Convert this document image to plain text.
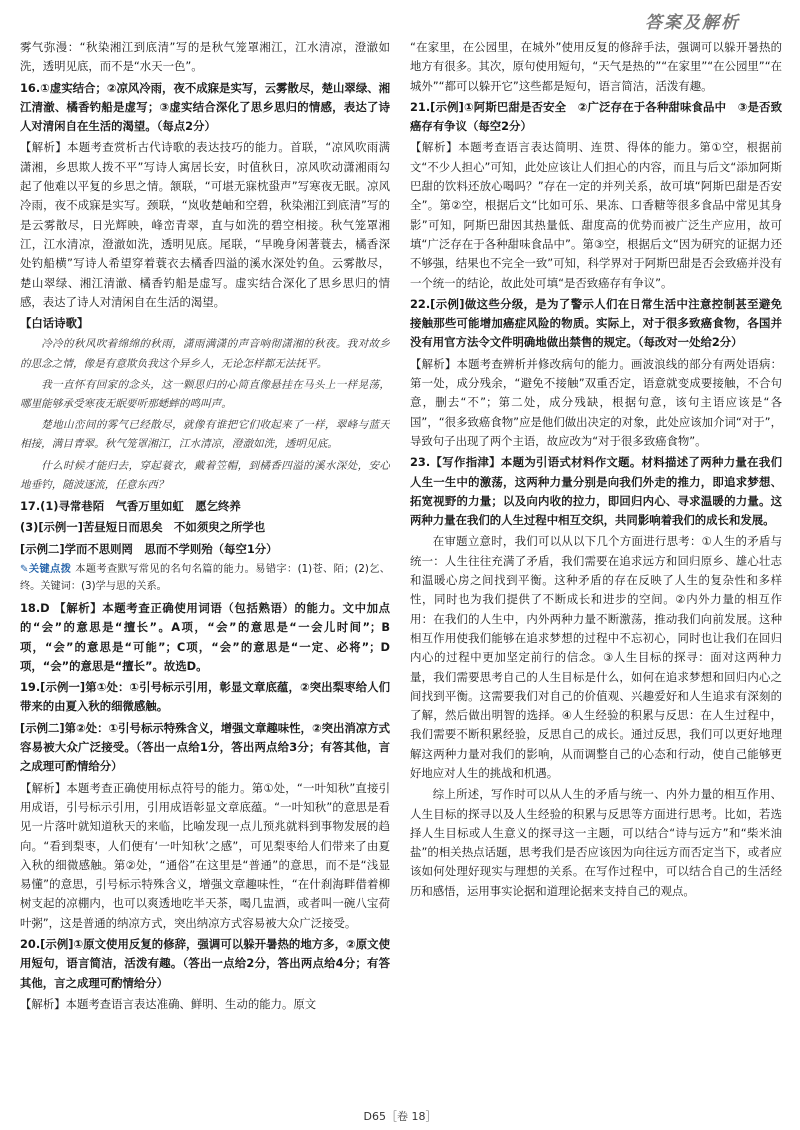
答案及解析
雾气弥漫：“秋染湘江到底清”写的是秋气笼罩湘江，江水清凉，澄澈如洗，透明见底，而不是“水天一色”。
16.①虚实结合；②凉风冷雨，夜不成寐是实写，云雾散尽，楚山翠绿、湘江清澈、橘香钓船是虚写；③虚实结合深化了思乡思归的情感，表达了诗人对清闲自在生活的渴望。（每点2分）
【解析】本题考查赏析古代诗歌的表达技巧的能力。首联，“凉风吹雨满潇湘，乡思欺人拨不平”写诗人寓居长安，时值秋日，凉风吹动潇湘雨勾起了他难以平复的乡思之情。颔联，“可堪无寐枕蛩声”写寒夜无眠。凉风冷雨，夜不成寐是实写。颈联，“岚收楚岫和空碧，秋染湘江到底清”写的是云雾散尽，日光辉映，峰峦青翠，直与如洗的碧空相接。秋气笼罩湘江，江水清凉，澄澈如洗，透明见底。尾联，“早晚身闲著蓑去，橘香深处钓船横”写诗人希望穿着蓑衣去橘香四溢的溪水深处钓鱼。云雾散尽，楚山翠绿、湘江清澈、橘香钓船是虚写。虚实结合深化了思乡思归的情感，表达了诗人对清闲自在生活的渴望。
【白话诗歌】
冷冷的秋风吹着绵绵的秋雨，潇雨满潇的声音响彻潇湘的秋夜。我对故乡的思念之情，像是有意欺负我这个异乡人，无论怎样都无法抚平。
我一直怀有回家的念头，这一颗思归的心简直像悬挂在马头上一样晃荡，哪里能够承受寒夜无眠要听那蟋蟀的鸣叫声。
楚地山峦间的雾气已经散尽，就像有谁把它们收起来了一样，翠峰与蓝天相接，满目青翠。秋气笼罩湘江，江水清凉，澄澈如洗，透明见底。
什么时候才能归去，穿起蓑衣，戴着笠帽，到橘香四溢的溪水深处，安心地垂钓，随波逐流，任意东西？
17.(1)寻常巷陌　气香万里如虹　愿乞终养
(3)[示例一]苦昼短日而思矣　不如须臾之所学也
[示例二]学而不思则罔　思而不学则殆（每空1分）
✎关键点拨 本题考查默写常见的名句名篇的能力。易错字：(1)苍、陌；(2)乞、终。关键词：(3)学与思的关系。
18.D 【解析】本题考查正确使用词语（包括熟语）的能力。文中加点的“会”的意思是“擅长”。A项，“会”的意思是“一会儿时间”；B项，“会”的意思是“可能”；C项，“会”的意思是“一定、必将”；D项，“会”的意思是“擅长”。故选D。
19.[示例一]第①处：①引号标示引用，彰显文章底蕴，②突出梨枣给人们带来的由夏入秋的细微感触。
[示例二]第②处：①引号标示特殊含义，增强文章趣味性，②突出消凉方式容易被大众广泛接受。（答出一点给1分，答出两点给3分；有答其他，言之成理可酌情给分）
【解析】本题考查正确使用标点符号的能力。第①处，“一叶知秋”直接引用成语，引号标示引用，引用成语彰显文章底蕴。“一叶知秋”的意思是看见一片落叶就知道秋天的来临，比喻发现一点儿预兆就料到事物发展的趋向。“看到梨枣，人们便有‘一叶知秋’之感”，可见梨枣给人们带来了由夏入秋的细微感触。第②处，“通俗”在这里是“普通”的意思，而不是“浅显易懂”的意思，引号标示特殊含义，增强文章趣味性，“在什刹海畔借着柳树支起的凉棚内，也可以爽透地吃半天茶，喝几盅酒，或者叫一碗八宝荷叶粥”，这是普通的纳凉方式，突出纳凉方式容易被大众广泛接受。
20.[示例]①原文使用反复的修辞，强调可以躲开暑热的地方多，②原文使用短句，语言简洁，活泼有趣。（答出一点给2分，答出两点给4分；有答其他，言之成理可酌情给分）
【解析】本题考查语言表达准确、鲜明、生动的能力。原文
“在家里，在公园里，在城外”使用反复的修辞手法，强调可以躲开暑热的地方有很多。其次，原句使用短句，“天气是热的”“在家里”“在公园里”“在城外”“都可以躲开它”这些都是短句，语言简洁，活泼有趣。
21.[示例]①阿斯巴甜是否安全　②广泛存在于各种甜味食品中　③是否致癌存有争议（每空2分）
【解析】本题考查语言表达简明、连贯、得体的能力。第①空，根据前文“不少人担心”可知，此处应该让人们担心的内容，而且与后文“添加阿斯巴甜的饮料还放心喝吗？”存在一定的并列关系，故可填“阿斯巴甜是否安全”。第②空，根据后文“比如可乐、果冻、口香糖等很多食品中常见其身影”可知，阿斯巴甜因其热量低、甜度高的优势而被广泛生产应用，故可填“广泛存在于各种甜味食品中”。第③空，根据后文“因为研究的证据力还不够强，结果也不完全一致”可知，科学界对于阿斯巴甜是否会致癌并没有一个统一的结论，故此处可填“是否致癌存有争议”。
22.[示例]做这些分级，是为了警示人们在日常生活中注意控制甚至避免接触那些可能增加癌症风险的物质。实际上，对于很多致癌食物，各国并没有用官方法令文件明确地做出禁售的规定。（每改对一处给2分）
【解析】本题考查辨析并修改病句的能力。画波浪线的部分有两处语病：第一处，成分残余，“避免不接触”双重否定，语意就变成要接触，不合句意，删去“不”；第二处，成分残缺，根据句意，该句主语应该是“各国”，“很多致癌食物”应是他们做出决定的对象，此处应该加介词“对于”，导致句子出现了两个主语，故应改为“对于很多致癌食物”。
23.【写作指津】本题为引语式材料作文题。材料描述了两种力量在我们人生一生中的激荡，这两种力量分别是向我们外走的推力，即追求梦想、拓宽视野的力量；以及向内收的拉力，即回归内心、寻求温暖的力量。这两种力量在我们的人生过程中相互交织，共同影响着我们的成长和发展。
在审题立意时，我们可以从以下几个方面进行思考：①人生的矛盾与统一：人生往往充满了矛盾，我们需要在追求远方和回归原乡、雄心壮志和温暖心房之间找到平衡。这种矛盾的存在反映了人生的复杂性和多样性，同时也为我们提供了不断成长和进步的空间。②内外力量的相互作用：在我们的人生中，内外两种力量不断激荡，推动我们向前发展。这种相互作用使我们能够在追求梦想的过程中不忘初心，同时也让我们在回归内心的过程中更加坚定前行的信念。③人生目标的探寻：面对这两种力量，我们需要思考自己的人生目标是什么，如何在追求梦想和回归内心之间找到平衡。这需要我们对自己的价值观、兴趣爱好和人生追求有深刻的了解，然后做出明智的选择。④人生经验的积累与反思：在人生过程中，我们需要不断积累经验，反思自己的成长。通过反思，我们可以更好地理解这两种力量对我们的影响，从而调整自己的心态和行动，使自己能够更好地应对人生的挑战和机遇。
综上所述，写作时可以从人生的矛盾与统一、内外力量的相互作用、人生目标的探寻以及人生经验的积累与反思等方面进行思考。比如，若选择人生目标或人生意义的探寻这一主题，可以结合“诗与远方”和“柴米油盐”的相关热点话题，思考我们是否应该因为向往远方而否定当下，或者应该如何处理好现实与理想的关系。在写作过程中，可以结合自己的生活经历和感悟，运用事实论据和道理论据来支持自己的观点。
D65［卷 18］
